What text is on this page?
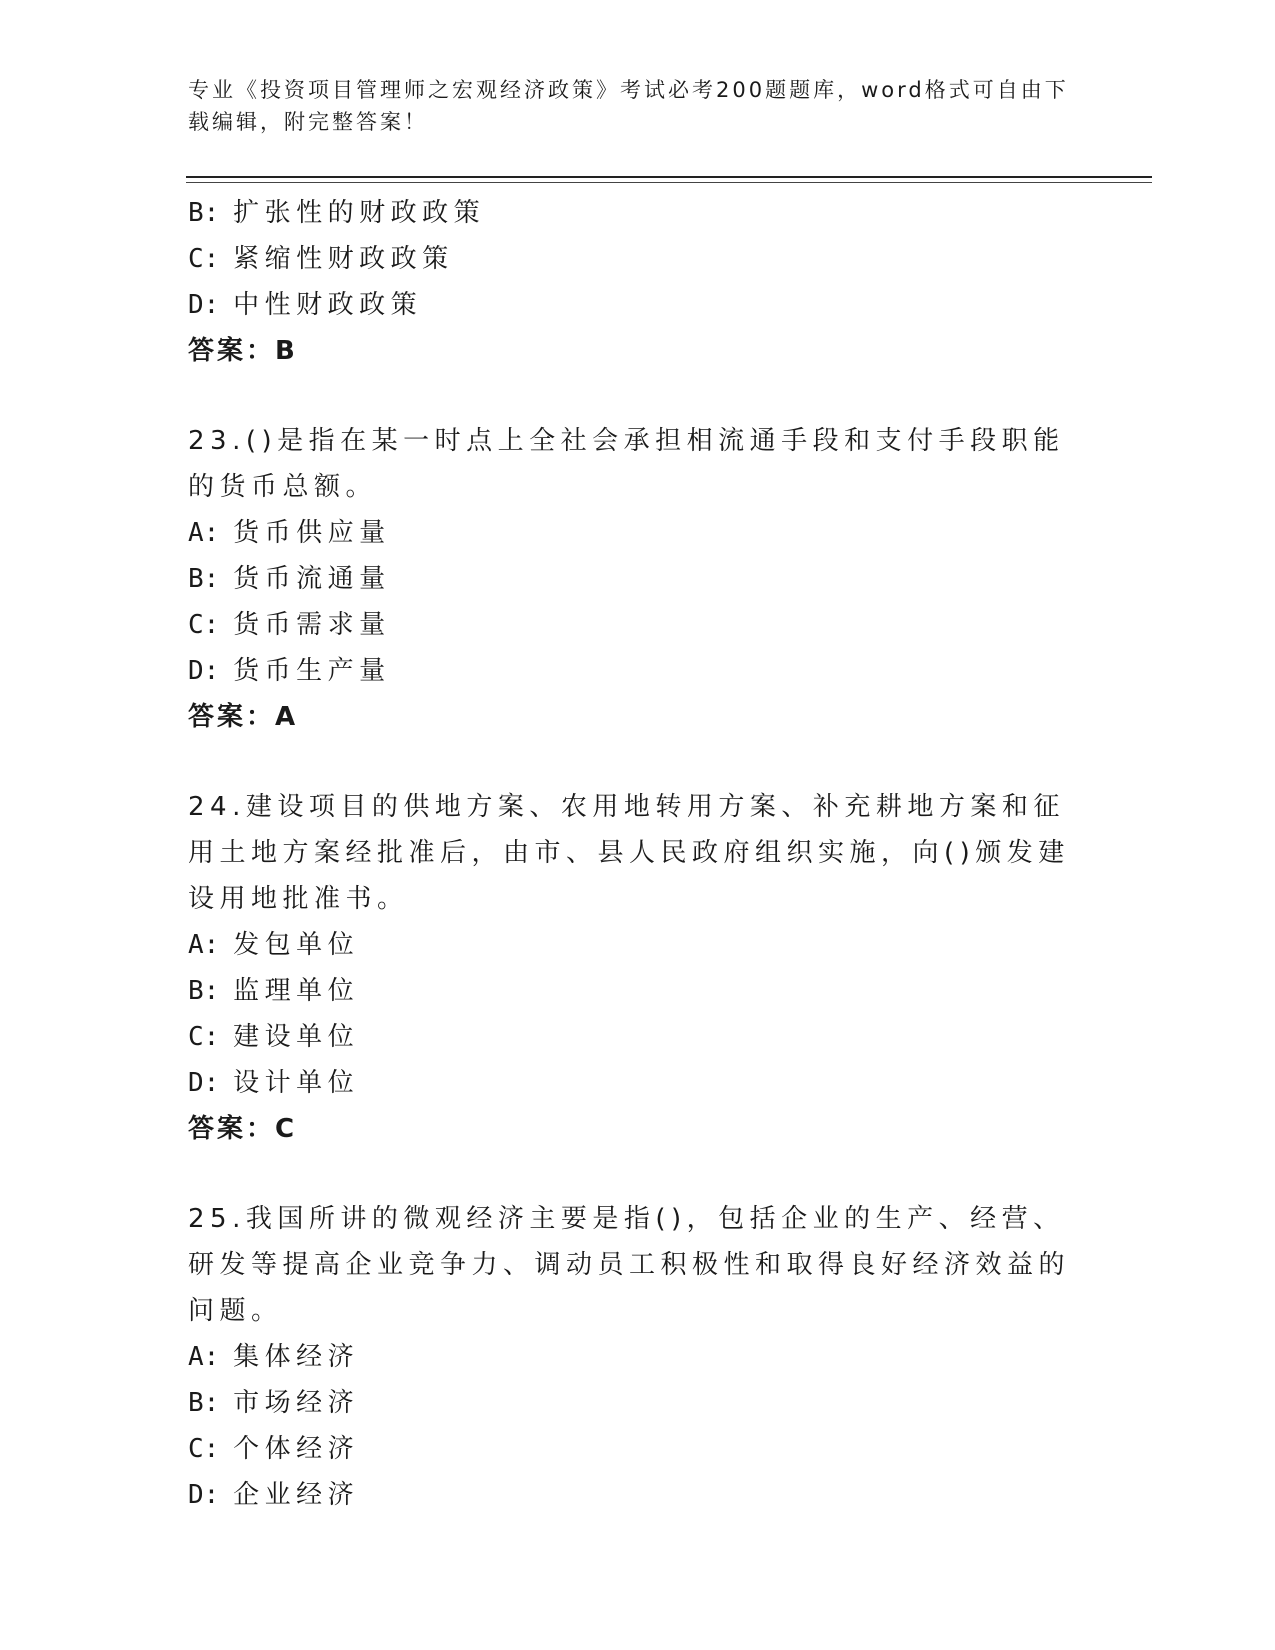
专业《投资项目管理师之宏观经济政策》考试必考200题题库，word格式可自由下载编辑，附完整答案！
B: 扩张性的财政政策
C: 紧缩性财政政策
D: 中性财政政策
答案：B
23.()是指在某一时点上全社会承担相流通手段和支付手段职能的货币总额。
A: 货币供应量
B: 货币流通量
C: 货币需求量
D: 货币生产量
答案：A
24.建设项目的供地方案、农用地转用方案、补充耕地方案和征用土地方案经批准后，由市、县人民政府组织实施，向()颁发建设用地批准书。
A: 发包单位
B: 监理单位
C: 建设单位
D: 设计单位
答案：C
25.我国所讲的微观经济主要是指()，包括企业的生产、经营、研发等提高企业竞争力、调动员工积极性和取得良好经济效益的问题。
A: 集体经济
B: 市场经济
C: 个体经济
D: 企业经济
